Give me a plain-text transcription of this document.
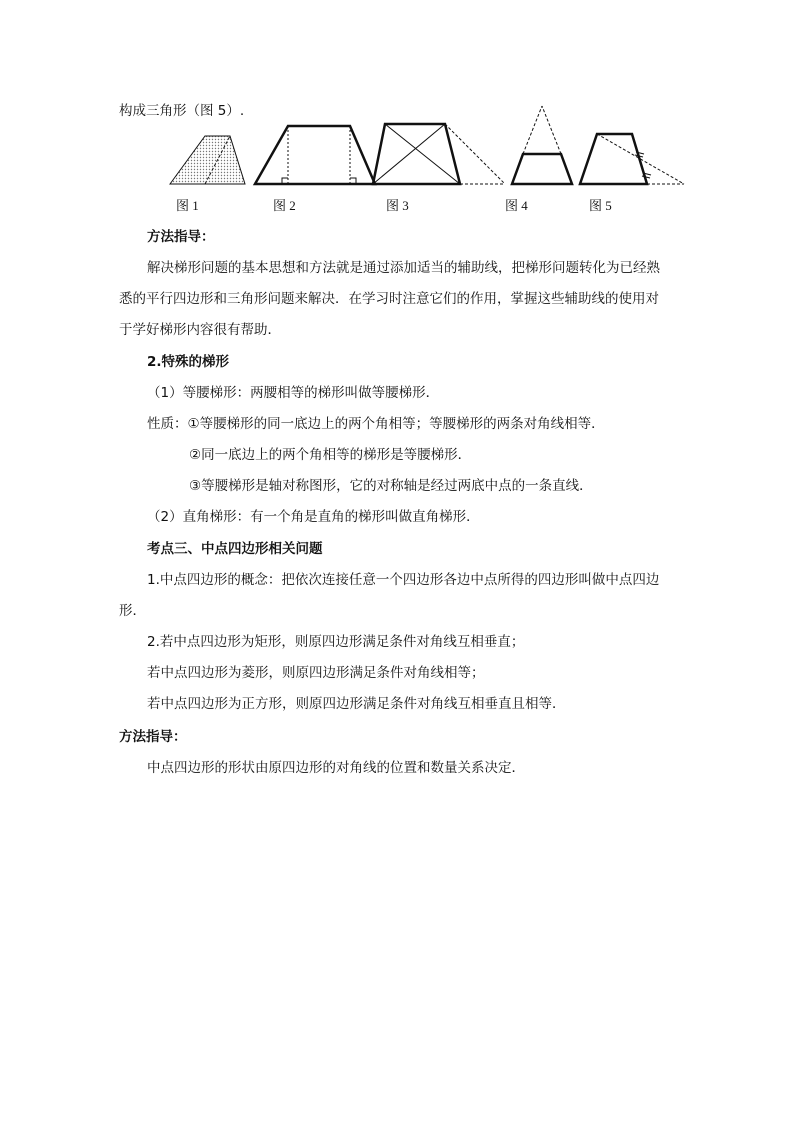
构成三角形（图 5）.
图 1	图 2	图 3	图 4	图 5
方法指导：
解决梯形问题的基本思想和方法就是通过添加适当的辅助线，把梯形问题转化为已经熟
悉的平行四边形和三角形问题来解决．在学习时注意它们的作用，掌握这些辅助线的使用对
于学好梯形内容很有帮助．
2.特殊的梯形
（1）等腰梯形：两腰相等的梯形叫做等腰梯形．
性质：①等腰梯形的同一底边上的两个角相等；等腰梯形的两条对角线相等．
②同一底边上的两个角相等的梯形是等腰梯形．
③等腰梯形是轴对称图形，它的对称轴是经过两底中点的一条直线．
（2）直角梯形：有一个角是直角的梯形叫做直角梯形．
考点三、中点四边形相关问题
1.中点四边形的概念：把依次连接任意一个四边形各边中点所得的四边形叫做中点四边
形．
2.若中点四边形为矩形，则原四边形满足条件对角线互相垂直；
若中点四边形为菱形，则原四边形满足条件对角线相等；
若中点四边形为正方形，则原四边形满足条件对角线互相垂直且相等．
方法指导：
中点四边形的形状由原四边形的对角线的位置和数量关系决定．
